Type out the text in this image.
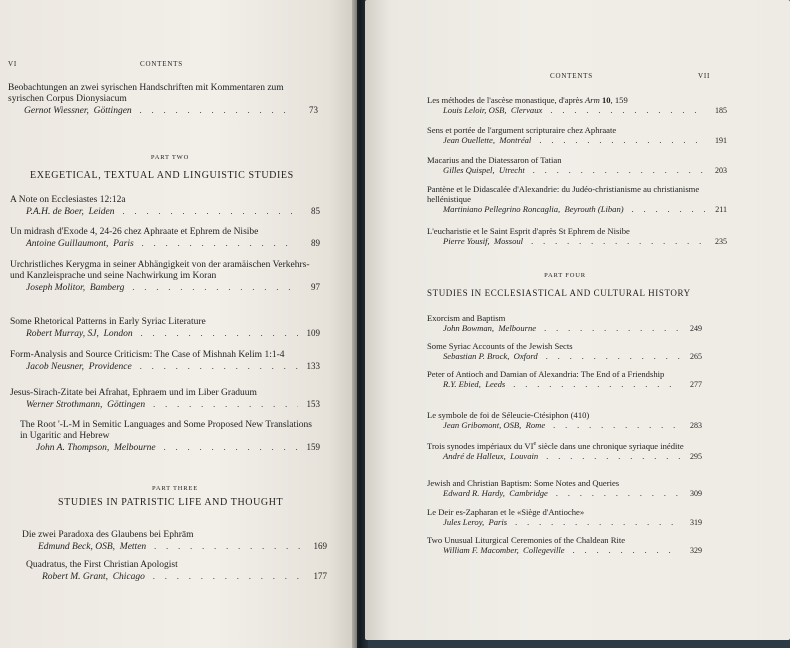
VI	CONTENTS
Beobachtungen an zwei syrischen Handschriften mit Kommentaren zum syrischen Corpus Dionysiacum
Gernot Wiessner,
Göttingen . . .	73
PART TWO
EXEGETICAL, TEXTUAL AND LINGUISTIC STUDIES
A Note on Ecclesiastes 12:12a
P.A.H. de Boer,
Leiden . . .	85
Un midrash d'Exode 4, 24-26 chez Aphraate et Ephrem de Nisibe
Antoine Guillaumont,
Paris . . .	89
Urchristliches Kerygma in seiner Abhängigkeit von der aramäischen Verkehrs- und Kanzleisprache und seine Nachwirkung im Koran
Joseph Molitor,
Bamberg . . .	97
Some Rhetorical Patterns in Early Syriac Literature
Robert Murray, SJ,
London . . .	109
Form-Analysis and Source Criticism: The Case of Mishnah Kelim 1:1-4
Jacob Neusner,
Providence . . .	133
Jesus-Sirach-Zitate bei Afrahat, Ephraem und im Liber Graduum
Werner Strothmann,
Göttingen . . .	153
The Root '-L-M in Semitic Languages and Some Proposed New Translations in Ugaritic and Hebrew
John A. Thompson,
Melbourne . . .	159
PART THREE
STUDIES IN PATRISTIC LIFE AND THOUGHT
Die zwei Paradoxa des Glaubens bei Ephrām
Edmund Beck, OSB,
Metten . . .	169
Quadratus, the First Christian Apologist
Robert M. Grant,
Chicago . . .	177
CONTENTS	VII
Les méthodes de l'ascèse monastique, d'après Arm 10, 159
Louis Leloir, OSB,
Clervaux . . .	185
Sens et portée de l'argument scripturaire chez Aphraate
Jean Ouellette,
Montréal . . .	191
Macarius and the Diatessaron of Tatian
Gilles Quispel,
Utrecht . . .	203
Pantène et le Didascalée d'Alexandrie: du Judéo-christianisme au christianisme hellénistique
Martiniano Pellegrino Roncaglia,
Beyrouth (Liban) . . .	211
L'eucharistie et le Saint Esprit d'après St Ephrem de Nisibe
Pierre Yousif,
Mossoul . . .	235
PART FOUR
STUDIES IN ECCLESIASTICAL AND CULTURAL HISTORY
Exorcism and Baptism
John Bowman,
Melbourne . . .	249
Some Syriac Accounts of the Jewish Sects
Sebastian P. Brock,
Oxford . . .	265
Peter of Antioch and Damian of Alexandria: The End of a Friendship
R.Y. Ebied,
Leeds . . .	277
Le symbole de foi de Séleucie-Ctésiphon (410)
Jean Gribomont, OSB,
Rome . . .	283
Trois synodes impériaux du VIe siècle dans une chronique syriaque inédite
André de Halleux,
Louvain . . .	295
Jewish and Christian Baptism: Some Notes and Queries
Edward R. Hardy,
Cambridge . . .	309
Le Deir es-Zapharan et le «Siège d'Antioche»
Jules Leroy,
Paris . . .	319
Two Unusual Liturgical Ceremonies of the Chaldean Rite
William F. Macomber,
Collegeville . . .	329
